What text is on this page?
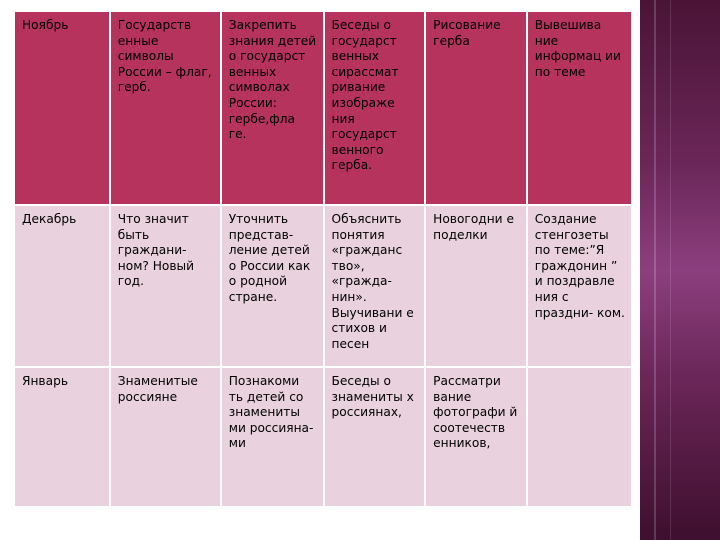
Ноябрь	Государств енные символы России – флаг, герб.	Закрепить знания детей о государст венных символах России: гербе,фла ге.	Беседы о государст венных сирассмат ривание изображе ния государст венного герба.	Рисование герба	Вывешива ние информац ии по теме
Декабрь	Что значит быть граждани- ном? Новый год.	Уточнить представ- ление детей о России как о родной стране.	Объяснить понятия «гражданс тво», «гражда- нин». Выучивани е стихов и песен	Новогодни е поделки	Создание стенгозеты по теме:”Я граждонин ” и поздравле ния с праздни- ком.
Январь	Знаменитые россияне	Познакоми ть детей со знамениты ми россияна- ми	Беседы о знамениты х россиянах,	Рассматри вание фотографи й соотечеств енников,	
